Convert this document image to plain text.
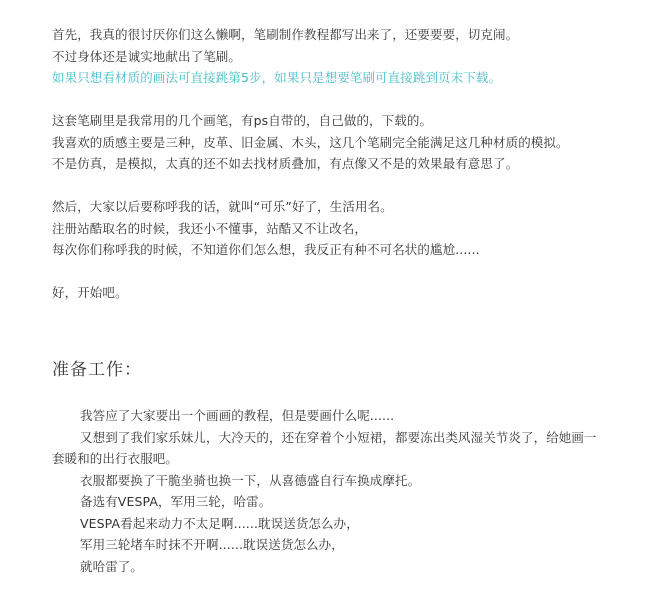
首先，我真的很讨厌你们这么懒啊，笔刷制作教程都写出来了，还要要要，切克闹。
不过身体还是诚实地献出了笔刷。
如果只想看材质的画法可直接跳第5步，如果只是想要笔刷可直接跳到页末下载。
这套笔刷里是我常用的几个画笔，有ps自带的，自己做的，下载的。
我喜欢的质感主要是三种，皮革、旧金属、木头，这几个笔刷完全能满足这几种材质的模拟。
不是仿真，是模拟，太真的还不如去找材质叠加，有点像又不是的效果最有意思了。
然后，大家以后要称呼我的话，就叫“可乐”好了，生活用名。
注册站酷取名的时候，我还小不懂事，站酷又不让改名，
每次你们称呼我的时候，不知道你们怎么想，我反正有种不可名状的尴尬......
好，开始吧。
准备工作：
我答应了大家要出一个画画的教程，但是要画什么呢......
又想到了我们家乐妹儿，大冷天的，还在穿着个小短裙，都要冻出类风湿关节炎了，给她画一
套暖和的出行衣服吧。
衣服都要换了干脆坐骑也换一下，从喜德盛自行车换成摩托。
备选有VESPA，军用三轮，哈雷。
VESPA看起来动力不太足啊......耽误送货怎么办，
军用三轮堵车时抹不开啊......耽误送货怎么办，
就哈雷了。
